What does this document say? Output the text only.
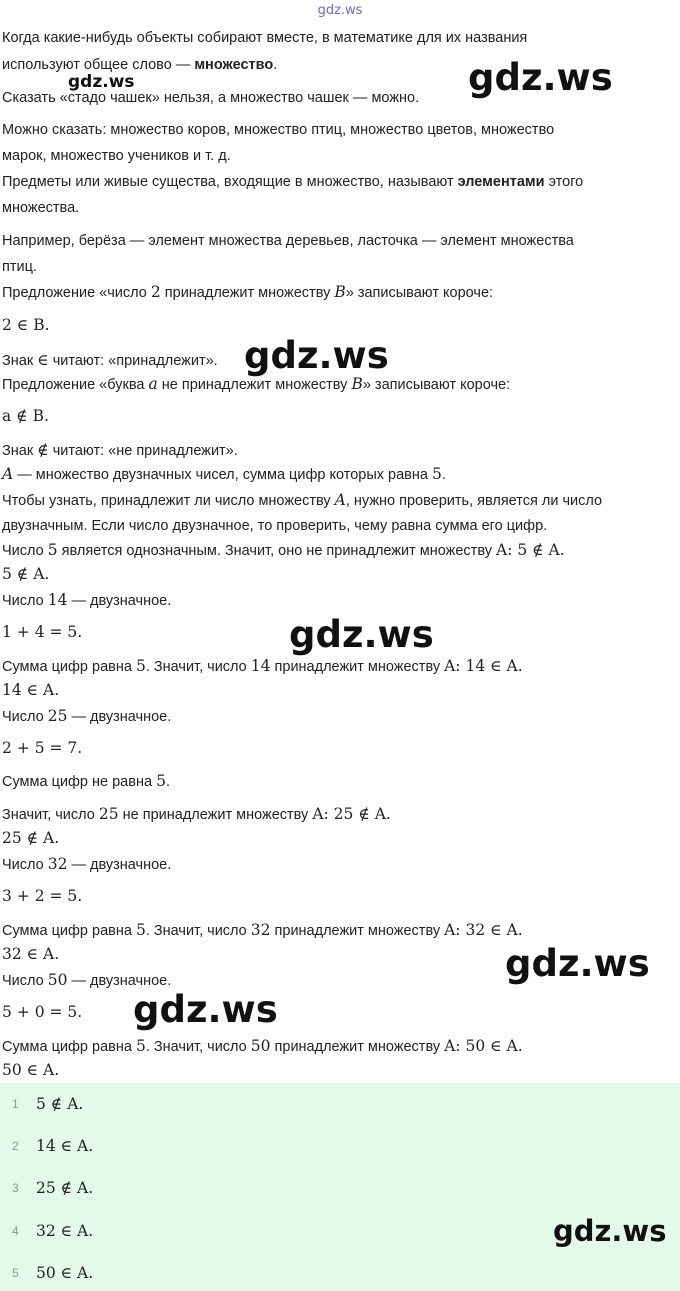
gdz.ws
Когда какие-нибудь объекты собирают вместе, в математике для их названия
используют общее слово — множество.
Сказать «стадо чашек» нельзя, а множество чашек — можно.
Можно сказать: множество коров, множество птиц, множество цветов, множество
марок, множество учеников и т. д.
Предметы или живые существа, входящие в множество, называют элементами этого
множества.
Например, берёза — элемент множества деревьев, ласточка — элемент множества
птиц.
Предложение «число 2 принадлежит множеству B» записывают короче:
2 ∈ B.
Знак ∈ читают: «принадлежит».
Предложение «буква a не принадлежит множеству B» записывают короче:
a ∉ B.
Знак ∉ читают: «не принадлежит».
A — множество двузначных чисел, сумма цифр которых равна 5.
Чтобы узнать, принадлежит ли число множеству A, нужно проверить, является ли число
двузначным. Если число двузначное, то проверить, чему равна сумма его цифр.
Число 5 является однозначным. Значит, оно не принадлежит множеству A: 5 ∉ A.
5 ∉ A.
Число 14 — двузначное.
1 + 4 = 5.
Сумма цифр равна 5. Значит, число 14 принадлежит множеству A: 14 ∈ A.
14 ∈ A.
Число 25 — двузначное.
2 + 5 = 7.
Сумма цифр не равна 5.
Значит, число 25 не принадлежит множеству A: 25 ∉ A.
25 ∉ A.
Число 32 — двузначное.
3 + 2 = 5.
Сумма цифр равна 5. Значит, число 32 принадлежит множеству A: 32 ∈ A.
32 ∈ A.
Число 50 — двузначное.
5 + 0 = 5.
Сумма цифр равна 5. Значит, число 50 принадлежит множеству A: 50 ∈ A.
50 ∈ A.
1	5 ∉ A.
2	14 ∈ A.
3	25 ∉ A.
4	32 ∈ A.
5	50 ∈ A.
gdz.ws
gdz.ws
gdz.ws
gdz.ws
gdz.ws
gdz.ws
gdz.ws
